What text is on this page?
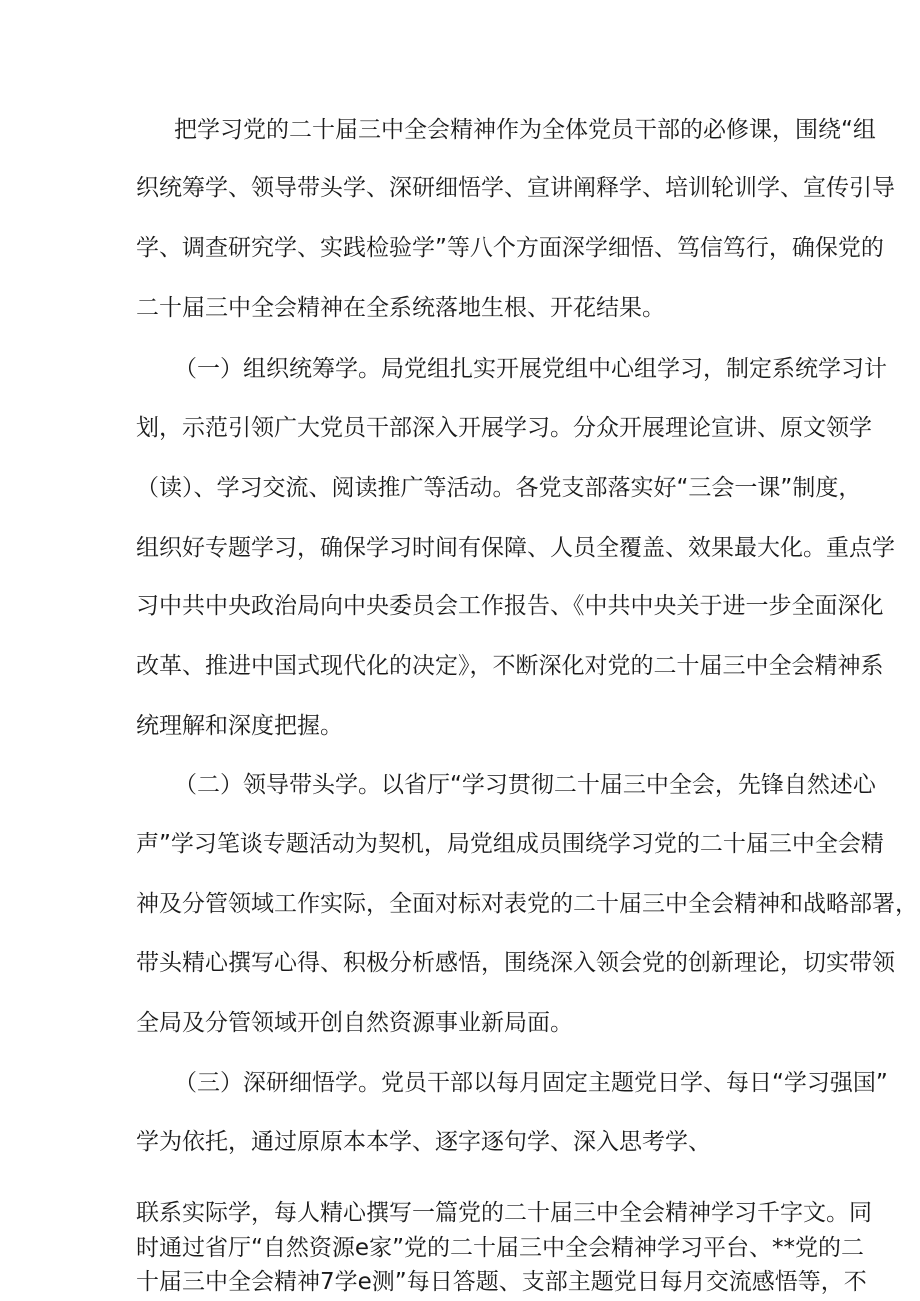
把学习党的二十届三中全会精神作为全体党员干部的必修课，围绕“组
织统筹学、领导带头学、深研细悟学、宣讲阐释学、培训轮训学、宣传引导
学、调查研究学、实践检验学”等八个方面深学细悟、笃信笃行，确保党的
二十届三中全会精神在全系统落地生根、开花结果。
（一）组织统筹学。局党组扎实开展党组中心组学习，制定系统学习计
划，示范引领广大党员干部深入开展学习。分众开展理论宣讲、原文领学
（读）、学习交流、阅读推广等活动。各党支部落实好“三会一课”制度，
组织好专题学习，确保学习时间有保障、人员全覆盖、效果最大化。重点学
习中共中央政治局向中央委员会工作报告、《中共中央关于进一步全面深化
改革、推进中国式现代化的决定》，不断深化对党的二十届三中全会精神系
统理解和深度把握。
（二）领导带头学。以省厅“学习贯彻二十届三中全会，先锋自然述心
声”学习笔谈专题活动为契机，局党组成员围绕学习党的二十届三中全会精
神及分管领域工作实际，全面对标对表党的二十届三中全会精神和战略部署，
带头精心撰写心得、积极分析感悟，围绕深入领会党的创新理论，切实带领
全局及分管领域开创自然资源事业新局面。
（三）深研细悟学。党员干部以每月固定主题党日学、每日“学习强国”
学为依托，通过原原本本学、逐字逐句学、深入思考学、
联系实际学，每人精心撰写一篇党的二十届三中全会精神学习千字文。同
时通过省厅“自然资源e家”党的二十届三中全会精神学习平台、**党的二
十届三中全会精神7学e测”每日答题、支部主题党日每月交流感悟等，不
